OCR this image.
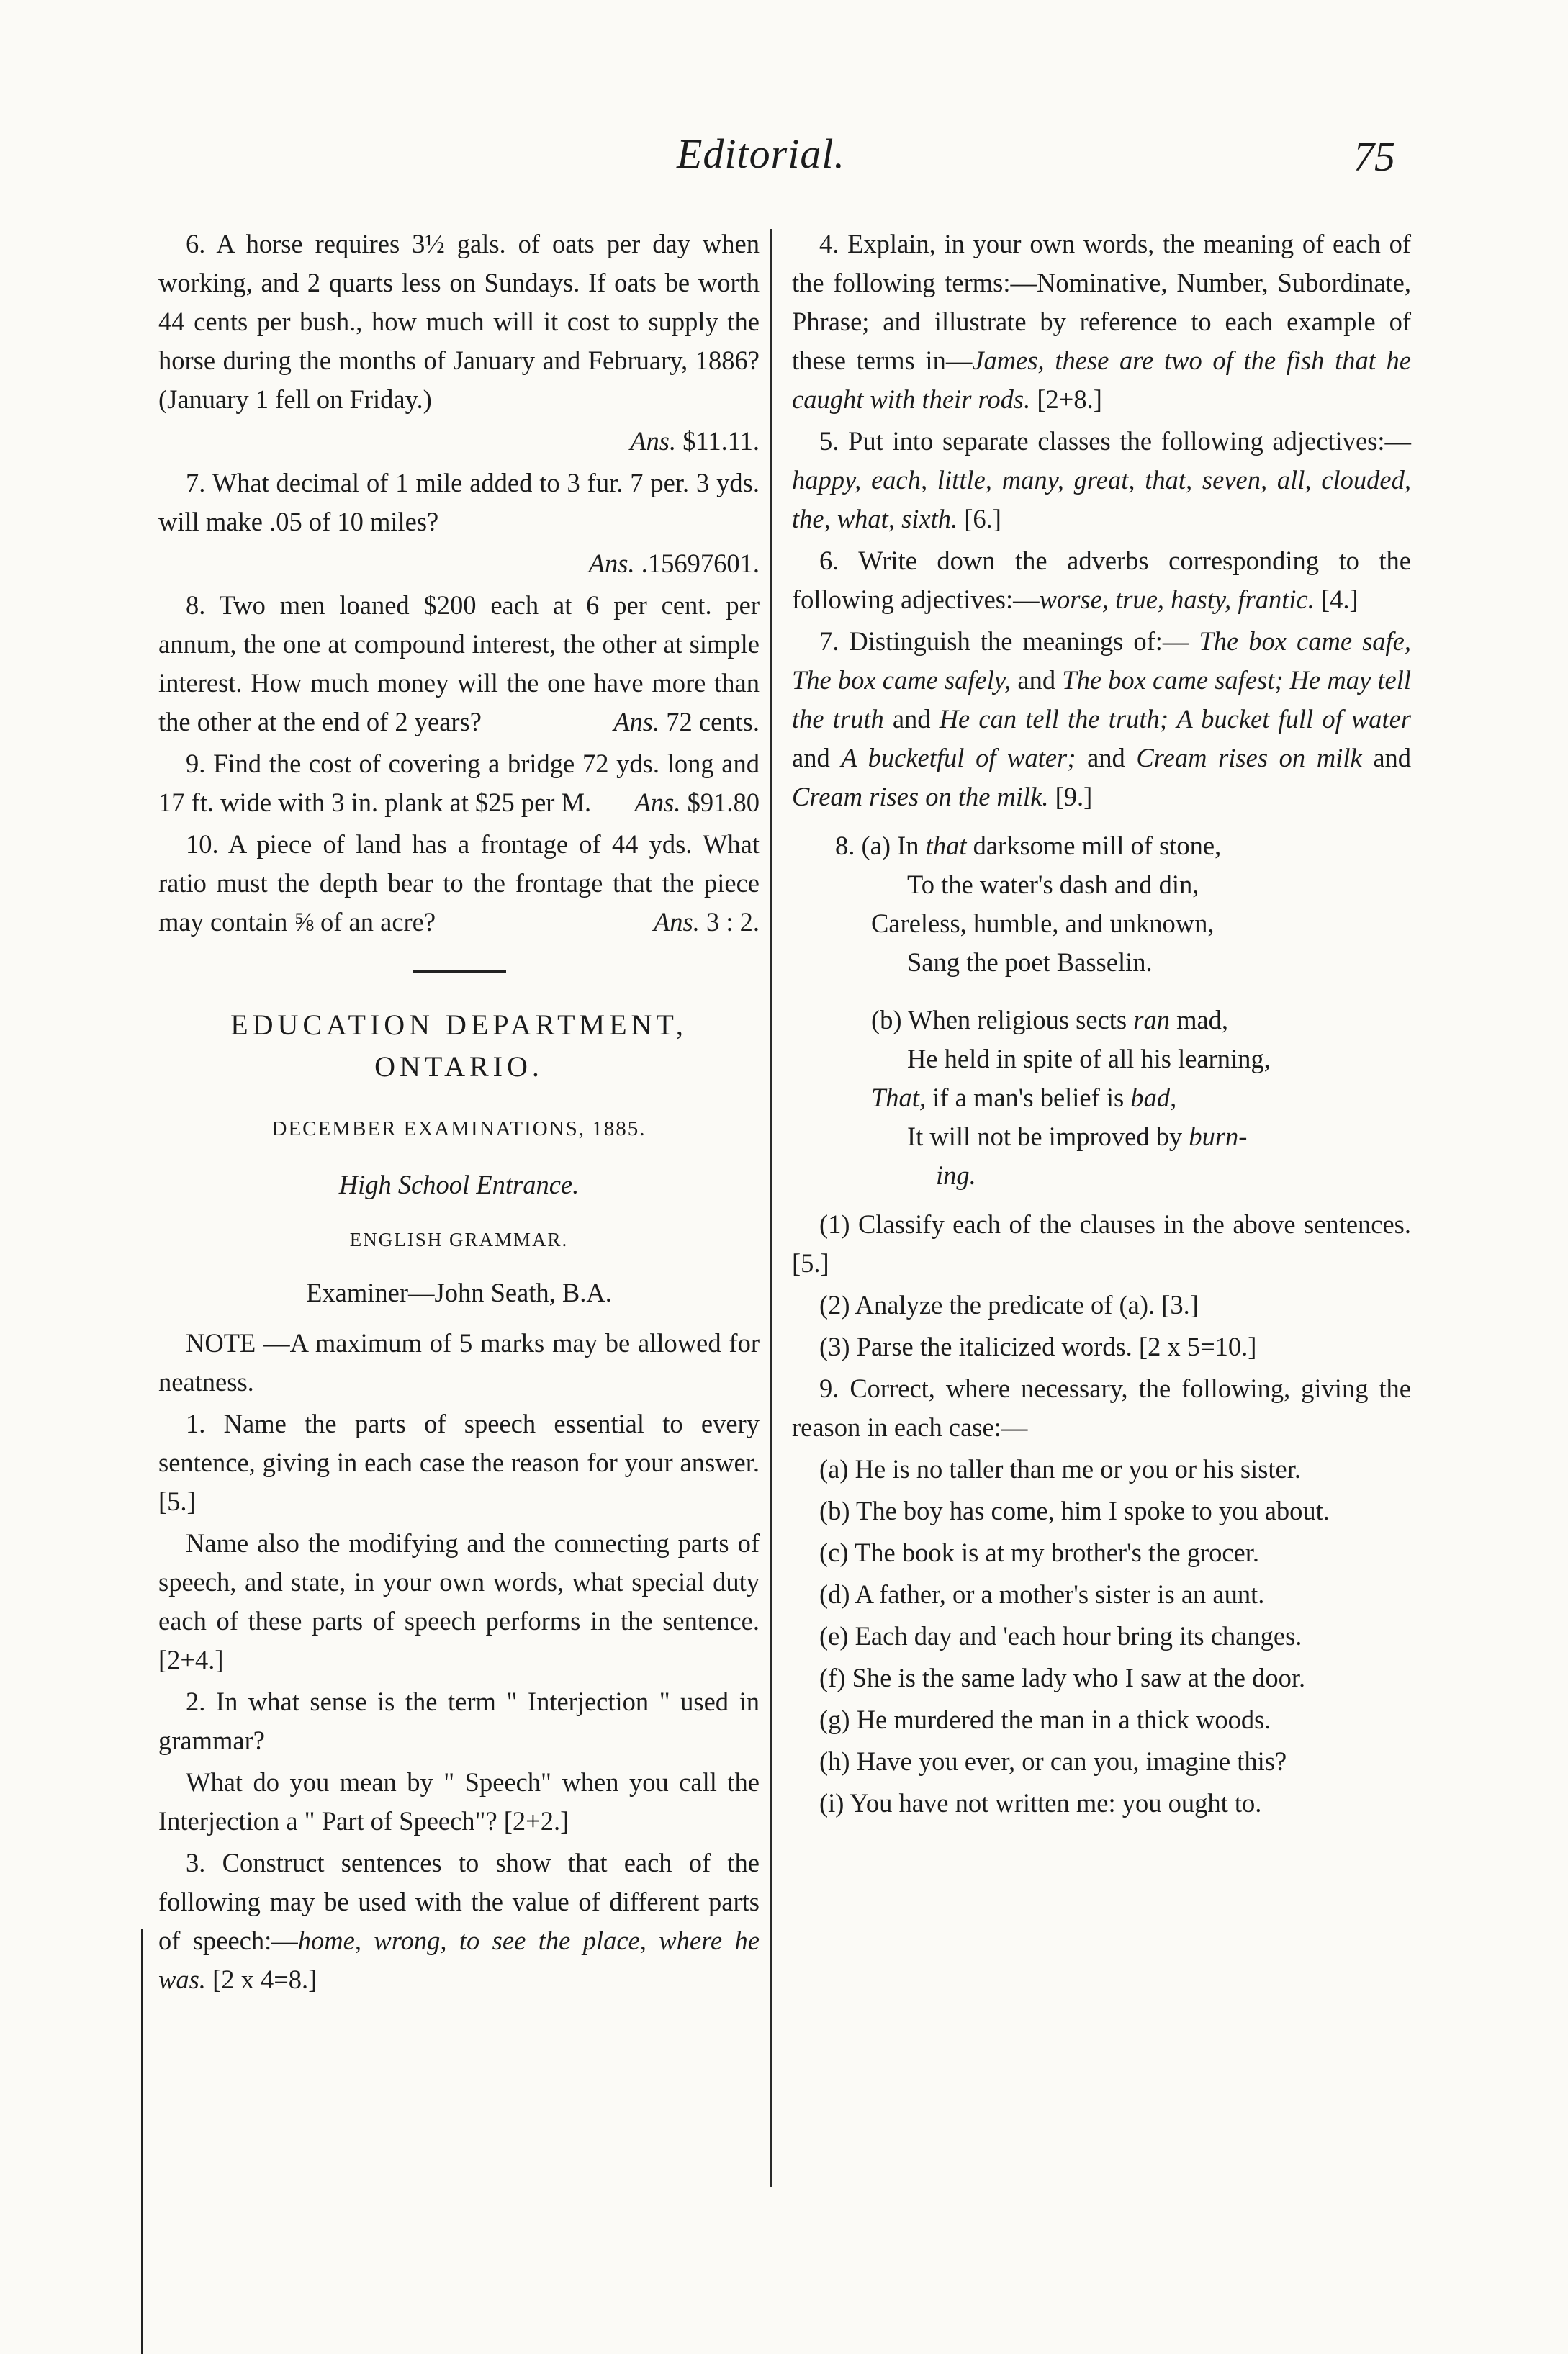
Editorial.	75

6. A horse requires 3½ gals. of oats per day when working, and 2 quarts less on Sundays. If oats be worth 44 cents per bush., how much will it cost to supply the horse during the months of January and February, 1886? (January 1 fell on Friday.)

Ans. $11.11.

7. What decimal of 1 mile added to 3 fur. 7 per. 3 yds. will make .05 of 10 miles?

Ans. .15697601.

8. Two men loaned $200 each at 6 per cent. per annum, the one at compound interest, the other at simple interest. How much money will the one have more than the other at the end of 2 years?	Ans. 72 cents.

9. Find the cost of covering a bridge 72 yds. long and 17 ft. wide with 3 in. plank at $25 per M.	Ans. $91.80

10. A piece of land has a frontage of 44 yds. What ratio must the depth bear to the frontage that the piece may contain ⅝ of an acre?	Ans. 3 : 2.

EDUCATION DEPARTMENT,
ONTARIO.

DECEMBER EXAMINATIONS, 1885.

High School Entrance.

ENGLISH GRAMMAR.

Examiner—John Seath, B.A.

NOTE —A maximum of 5 marks may be allowed for neatness.

1. Name the parts of speech essential to every sentence, giving in each case the reason for your answer. [5.]

Name also the modifying and the connecting parts of speech, and state, in your own words, what special duty each of these parts of speech performs in the sentence. [2+4.]

2. In what sense is the term " Interjection " used in grammar?

What do you mean by " Speech" when you call the Interjection a " Part of Speech"? [2+2.]

3. Construct sentences to show that each of the following may be used with the value of different parts of speech:—home, wrong, to see the place, where he was. [2 x 4=8.]

4. Explain, in your own words, the meaning of each of the following terms:—Nominative, Number, Subordinate, Phrase; and illustrate by reference to each example of these terms in—James, these are two of the fish that he caught with their rods. [2+8.]

5. Put into separate classes the following adjectives:—happy, each, little, many, great, that, seven, all, clouded, the, what, sixth. [6.]

6. Write down the adverbs corresponding to the following adjectives:—worse, true, hasty, frantic. [4.]

7. Distinguish the meanings of:— The box came safe, The box came safely, and The box came safest; He may tell the truth and He can tell the truth; A bucket full of water and A bucketful of water; and Cream rises on milk and Cream rises on the milk. [9.]

8. (a) In that darksome mill of stone,
To the water's dash and din,
Careless, humble, and unknown,
Sang the poet Basselin.
(b) When religious sects ran mad,
He held in spite of all his learning,
That, if a man's belief is bad,
It will not be improved by burn-
ing.

(1) Classify each of the clauses in the above sentences. [5.]

(2) Analyze the predicate of (a). [3.]

(3) Parse the italicized words. [2 x 5=10.]

9. Correct, where necessary, the following, giving the reason in each case:—

(a) He is no taller than me or you or his sister.

(b) The boy has come, him I spoke to you about.

(c) The book is at my brother's the grocer.

(d) A father, or a mother's sister is an aunt.

(e) Each day and 'each hour bring its changes.

(f) She is the same lady who I saw at the door.

(g) He murdered the man in a thick woods.

(h) Have you ever, or can you, imagine this?

(i) You have not written me: you ought to.
